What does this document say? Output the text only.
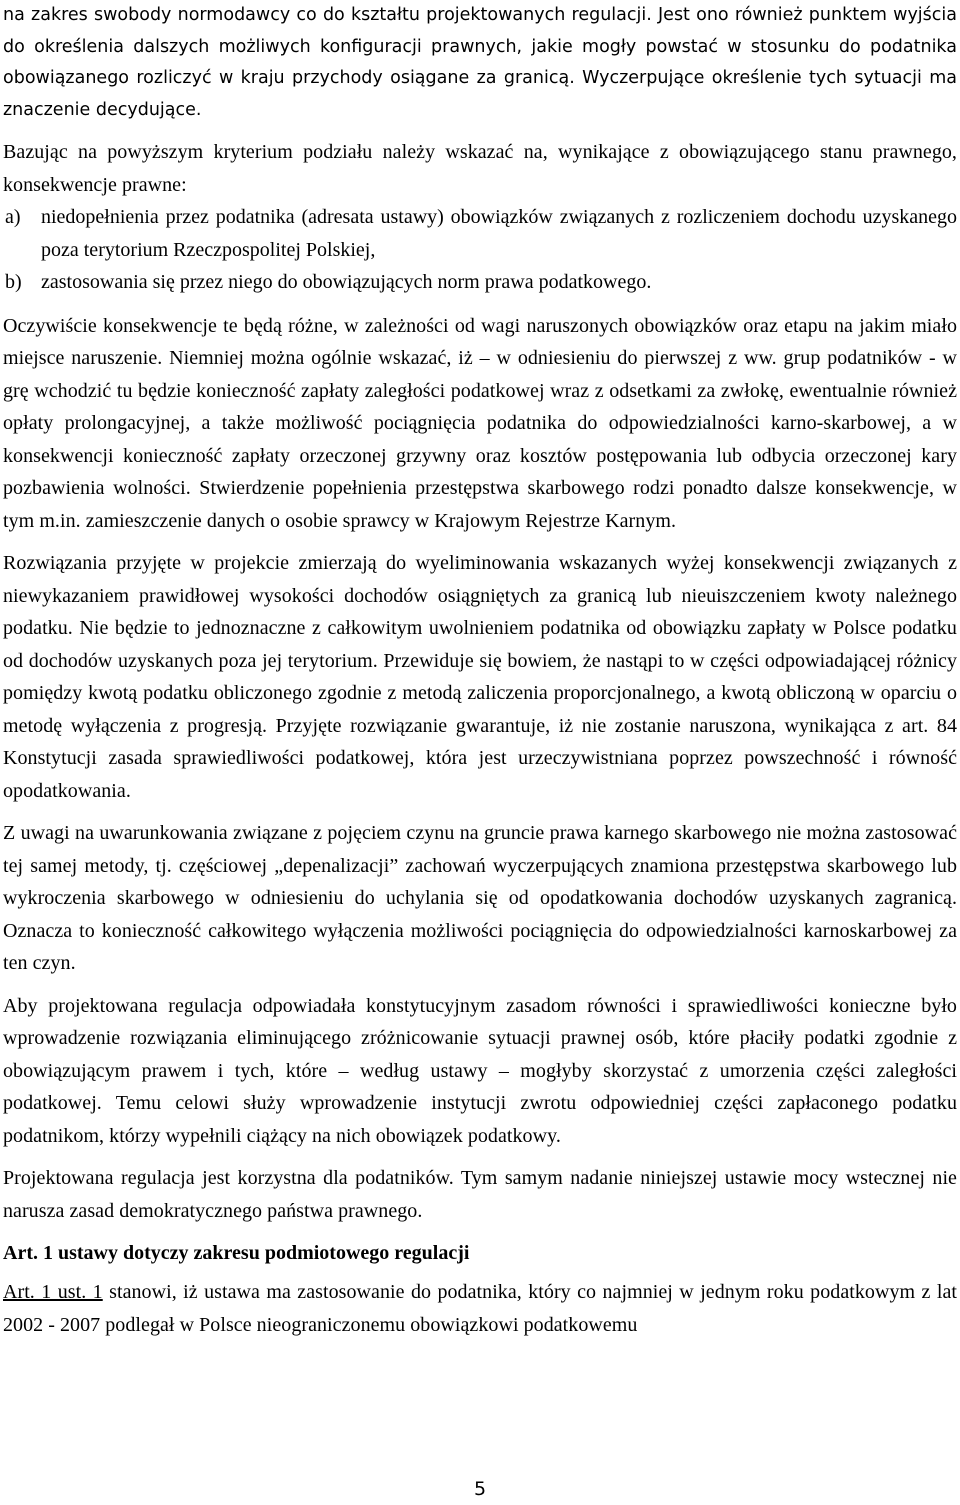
na zakres swobody normodawcy co do kształtu projektowanych regulacji. Jest ono również punktem wyjścia do określenia dalszych możliwych konfiguracji prawnych, jakie mogły powstać w stosunku do podatnika obowiązanego rozliczyć w kraju przychody osiągane za granicą. Wyczerpujące określenie tych sytuacji ma znaczenie decydujące.

Bazując na powyższym kryterium podziału należy wskazać na, wynikające z obowiązującego stanu prawnego, konsekwencje prawne:

a)	niedopełnienia przez podatnika (adresata ustawy) obowiązków związanych z rozliczeniem dochodu uzyskanego poza terytorium Rzeczpospolitej Polskiej,
b) zastosowania się przez niego do obowiązujących norm prawa podatkowego.

Oczywiście konsekwencje te będą różne, w zależności od wagi naruszonych obowiązków oraz etapu na jakim miało miejsce naruszenie. Niemniej można ogólnie wskazać, iż – w odniesieniu do pierwszej z ww. grup podatników - w grę wchodzić tu będzie konieczność zapłaty zaległości podatkowej wraz z odsetkami za zwłokę, ewentualnie również opłaty prolongacyjnej, a także możliwość pociągnięcia podatnika do odpowiedzialności karno-skarbowej, a w konsekwencji konieczność zapłaty orzeczonej grzywny oraz kosztów postępowania lub odbycia orzeczonej kary pozbawienia wolności. Stwierdzenie popełnienia przestępstwa skarbowego rodzi ponadto dalsze konsekwencje, w tym m.in. zamieszczenie danych o osobie sprawcy w Krajowym Rejestrze Karnym.

Rozwiązania przyjęte w projekcie zmierzają do wyeliminowania wskazanych wyżej konsekwencji związanych z niewykazaniem prawidłowej wysokości dochodów osiągniętych za granicą lub nieuiszczeniem kwoty należnego podatku. Nie będzie to jednoznaczne z całkowitym uwolnieniem podatnika od obowiązku zapłaty w Polsce podatku od dochodów uzyskanych poza jej terytorium. Przewiduje się bowiem, że nastąpi to w części odpowiadającej różnicy pomiędzy kwotą podatku obliczonego zgodnie z metodą zaliczenia proporcjonalnego, a kwotą obliczoną w oparciu o metodę wyłączenia z progresją. Przyjęte rozwiązanie gwarantuje, iż nie zostanie naruszona, wynikająca z art. 84 Konstytucji zasada sprawiedliwości podatkowej, która jest urzeczywistniana poprzez powszechność i równość opodatkowania.

Z uwagi na uwarunkowania związane z pojęciem czynu na gruncie prawa karnego skarbowego nie można zastosować tej samej metody, tj. częściowej „depenalizacji” zachowań wyczerpujących znamiona przestępstwa skarbowego lub wykroczenia skarbowego w odniesieniu do uchylania się od opodatkowania dochodów uzyskanych zagranicą. Oznacza to konieczność całkowitego wyłączenia możliwości pociągnięcia do odpowiedzialności karnoskarbowej za ten czyn.

Aby projektowana regulacja odpowiadała konstytucyjnym zasadom równości i sprawiedliwości konieczne było wprowadzenie rozwiązania eliminującego zróżnicowanie sytuacji prawnej osób, które płaciły podatki zgodnie z obowiązującym prawem i tych, które – według ustawy – mogłyby skorzystać z umorzenia części zaległości podatkowej. Temu celowi służy wprowadzenie instytucji zwrotu odpowiedniej części zapłaconego podatku podatnikom, którzy wypełnili ciążący na nich obowiązek podatkowy.

Projektowana regulacja jest korzystna dla podatników. Tym samym nadanie niniejszej ustawie mocy wstecznej nie narusza zasad demokratycznego państwa prawnego.

Art. 1 ustawy dotyczy zakresu podmiotowego regulacji

Art. 1 ust. 1 stanowi, iż ustawa ma zastosowanie do podatnika, który co najmniej w jednym roku podatkowym z lat 2002 - 2007 podlegał w Polsce nieograniczonemu obowiązkowi podatkowemu

5
